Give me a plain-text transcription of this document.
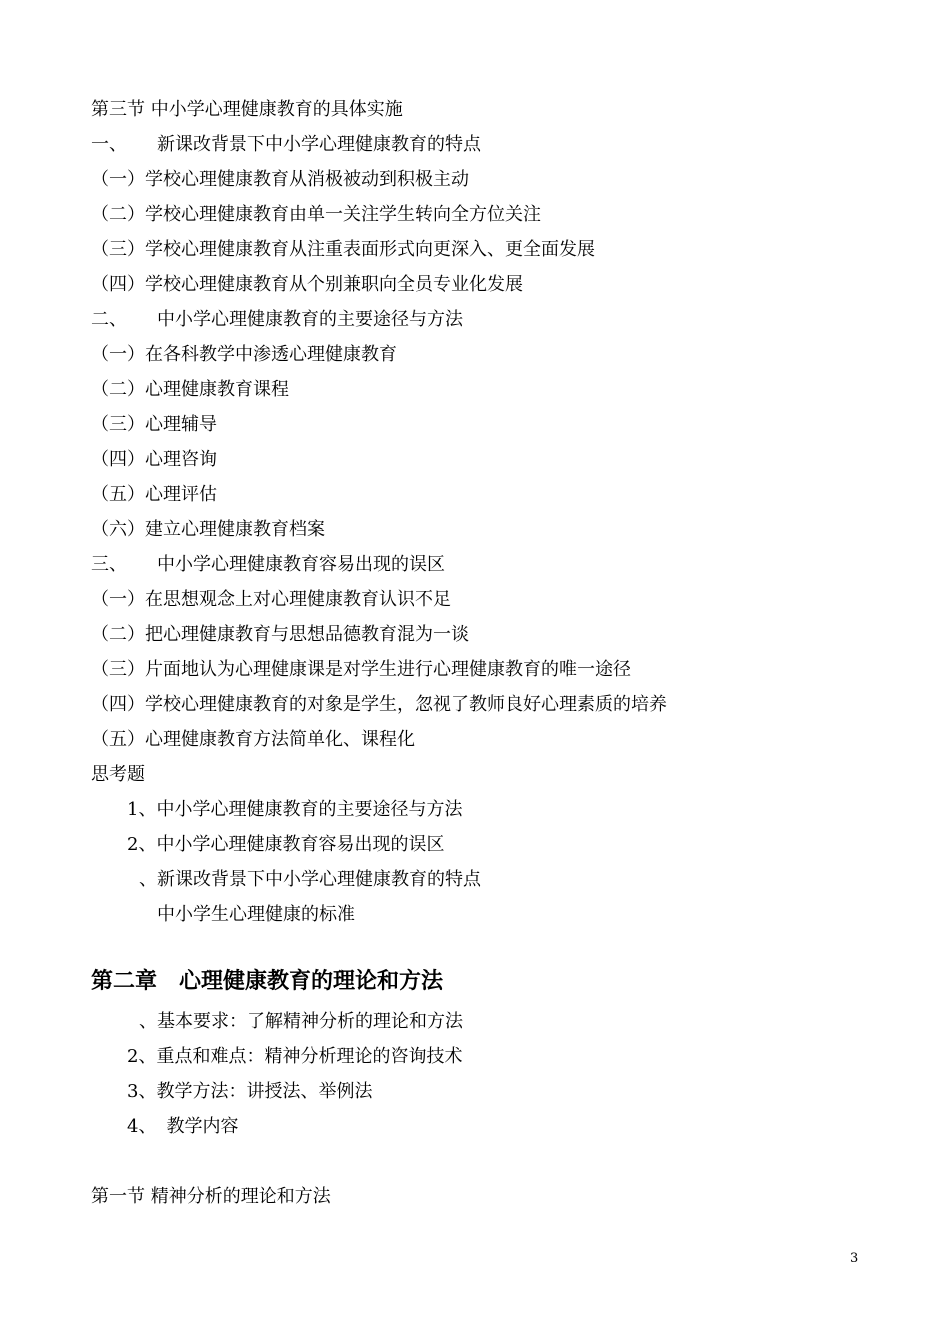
第三节 中小学心理健康教育的具体实施
一、 新课改背景下中小学心理健康教育的特点
（一）学校心理健康教育从消极被动到积极主动
（二）学校心理健康教育由单一关注学生转向全方位关注
（三）学校心理健康教育从注重表面形式向更深入、更全面发展
（四）学校心理健康教育从个别兼职向全员专业化发展
二、 中小学心理健康教育的主要途径与方法
（一）在各科教学中渗透心理健康教育
（二）心理健康教育课程
（三）心理辅导
（四）心理咨询
（五）心理评估
（六）建立心理健康教育档案
三、 中小学心理健康教育容易出现的误区
（一）在思想观念上对心理健康教育认识不足
（二）把心理健康教育与思想品德教育混为一谈
（三）片面地认为心理健康课是对学生进行心理健康教育的唯一途径
（四）学校心理健康教育的对象是学生，忽视了教师良好心理素质的培养
（五）心理健康教育方法简单化、课程化
思考题
1、中小学心理健康教育的主要途径与方法
2、中小学心理健康教育容易出现的误区
、新课改背景下中小学心理健康教育的特点
中小学生心理健康的标准
第二章　心理健康教育的理论和方法
、基本要求：了解精神分析的理论和方法
2、重点和难点：精神分析理论的咨询技术
3、教学方法：讲授法、举例法
4、 教学内容
第一节 精神分析的理论和方法
3
